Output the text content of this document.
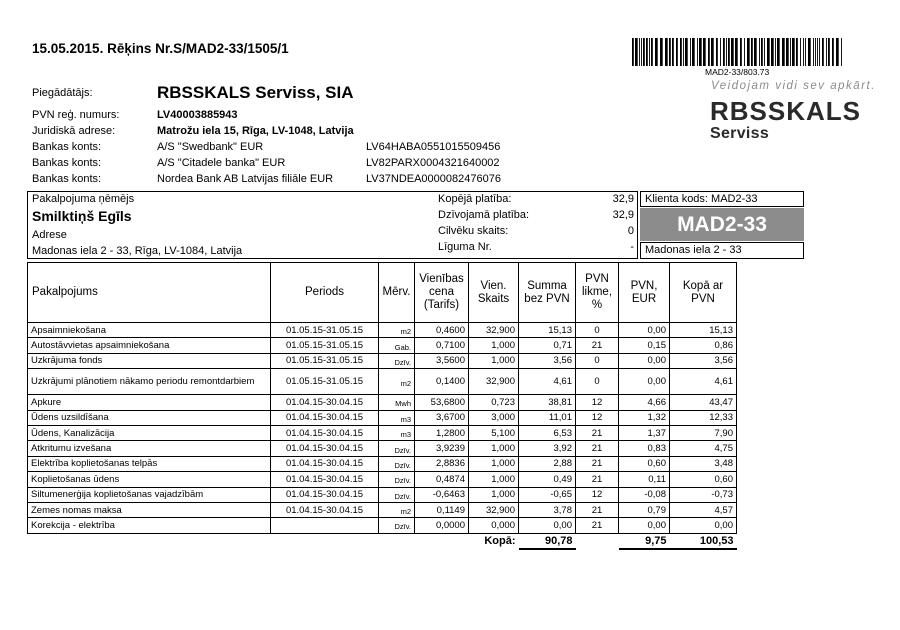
15.05.2015. Rēķins Nr.S/MAD2-33/1505/1
MAD2-33/803.73
Veidojam vidi sev apkārt.
RBSSKALS
Serviss
Piegādātājs:	RBSSKALS Serviss, SIA
PVN reģ. numurs:	LV40003885943
Juridiskā adrese:	Matrožu iela 15, Rīga, LV-1048, Latvija
Bankas konts:	A/S "Swedbank" EUR	LV64HABA0551015509456
Bankas konts:	A/S "Citadele banka" EUR	LV82PARX0004321640002
Bankas konts:	Nordea Bank AB Latvijas filiāle EUR	LV37NDEA0000082476076
Pakalpojuma ņēmējs
Smilktiņš Egīls
Adrese
Madonas iela 2 - 33, Rīga, LV-1084, Latvija
Kopējā platība:	32,9
Dzīvojamā platība:	32,9
Cilvēku skaits:	0
Līguma Nr.	-
Klienta kods: MAD2-33
MAD2-33
Madonas iela 2 - 33
Pakalpojums	Periods	Mērv.	Vienības cena (Tarifs)	Vien. Skaits	Summa bez PVN	PVN likme, %	PVN, EUR	Kopā ar PVN
Apsaimniekošana	01.05.15-31.05.15	m2	0,4600	32,900	15,13	0	0,00	15,13
Autostāvvietas apsaimniekošana	01.05.15-31.05.15	Gab.	0,7100	1,000	0,71	21	0,15	0,86
Uzkrājuma fonds	01.05.15-31.05.15	Dzīv.	3,5600	1,000	3,56	0	0,00	3,56
Uzkrājumi plānotiem nākamo periodu remontdarbiem	01.05.15-31.05.15	m2	0,1400	32,900	4,61	0	0,00	4,61
Apkure	01.04.15-30.04.15	Mwh	53,6800	0,723	38,81	12	4,66	43,47
Ūdens uzsildīšana	01.04.15-30.04.15	m3	3,6700	3,000	11,01	12	1,32	12,33
Ūdens, Kanalizācija	01.04.15-30.04.15	m3	1,2800	5,100	6,53	21	1,37	7,90
Atkritumu izvešana	01.04.15-30.04.15	Dzīv.	3,9239	1,000	3,92	21	0,83	4,75
Elektrība koplietošanas telpās	01.04.15-30.04.15	Dzīv.	2,8836	1,000	2,88	21	0,60	3,48
Koplietošanas ūdens	01.04.15-30.04.15	Dzīv.	0,4874	1,000	0,49	21	0,11	0,60
Siltumenerģija koplietošanas vajadzībām	01.04.15-30.04.15	Dzīv.	-0,6463	1,000	-0,65	12	-0,08	-0,73
Zemes nomas maksa	01.04.15-30.04.15	m2	0,1149	32,900	3,78	21	0,79	4,57
Korekcija - elektrība		Dzīv.	0,0000	0,000	0,00	21	0,00	0,00
				Kopā:	90,78		9,75	100,53
